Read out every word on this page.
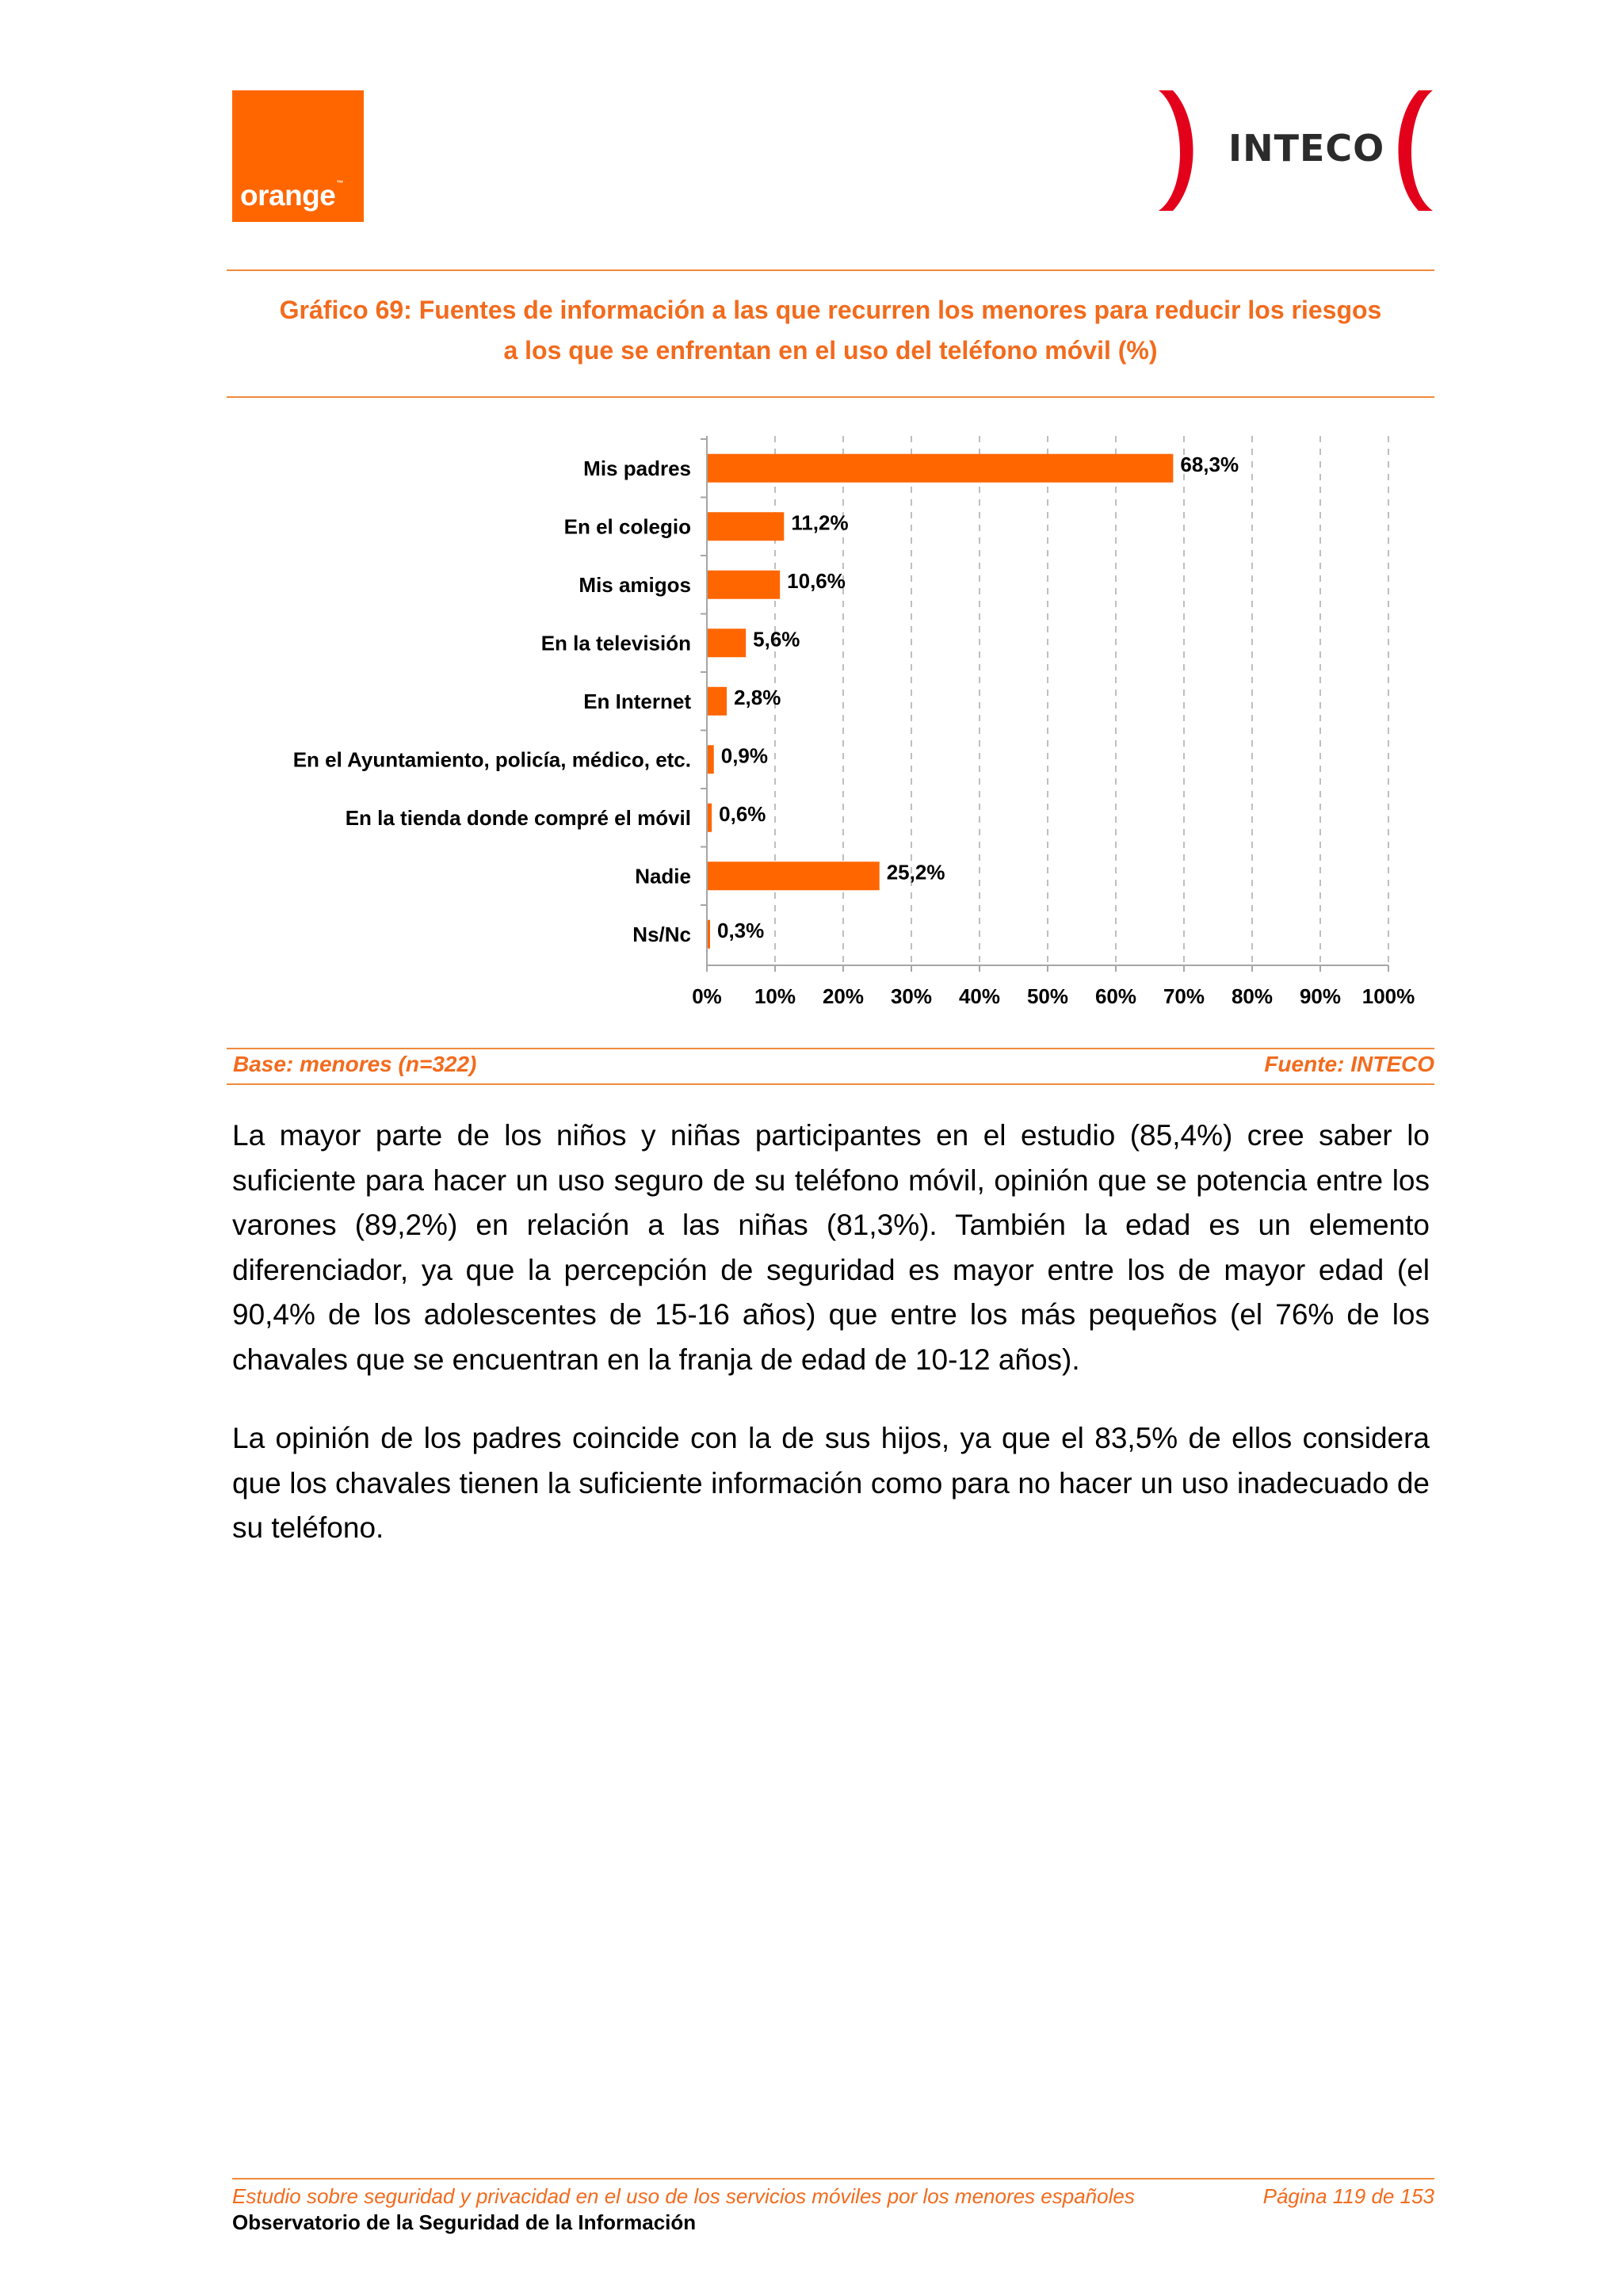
orange™
INTECO
Gráfico 69: Fuentes de información a las que recurren los menores para reducir los riesgos
a los que se enfrentan en el uso del teléfono móvil (%)
0% 10% 20% 30% 40% 50% 60% 70% 80% 90% 100%
Mis padres	68,3%
En el colegio	11,2%
Mis amigos	10,6%
En la televisión	5,6%
En Internet 2,8%
En el Ayuntamiento, policía, médico, etc. 0,9%
En la tienda donde compré el móvil 0,6%
Nadie	25,2%
Ns/Nc 0,3%
Base: menores (n=322)	Fuente: INTECO
La mayor parte de los niños y niñas participantes en el estudio (85,4%) cree saber lo suficiente para hacer un uso seguro de su teléfono móvil, opinión que se potencia entre los varones (89,2%) en relación a las niñas (81,3%). También la edad es un elemento diferenciador, ya que la percepción de seguridad es mayor entre los de mayor edad (el 90,4% de los adolescentes de 15-16 años) que entre los más pequeños (el 76% de los chavales que se encuentran en la franja de edad de 10-12 años).
La opinión de los padres coincide con la de sus hijos, ya que el 83,5% de ellos considera que los chavales tienen la suficiente información como para no hacer un uso inadecuado de su teléfono.
Estudio sobre seguridad y privacidad en el uso de los servicios móviles por los menores españoles	Página 119 de 153
Observatorio de la Seguridad de la Información
